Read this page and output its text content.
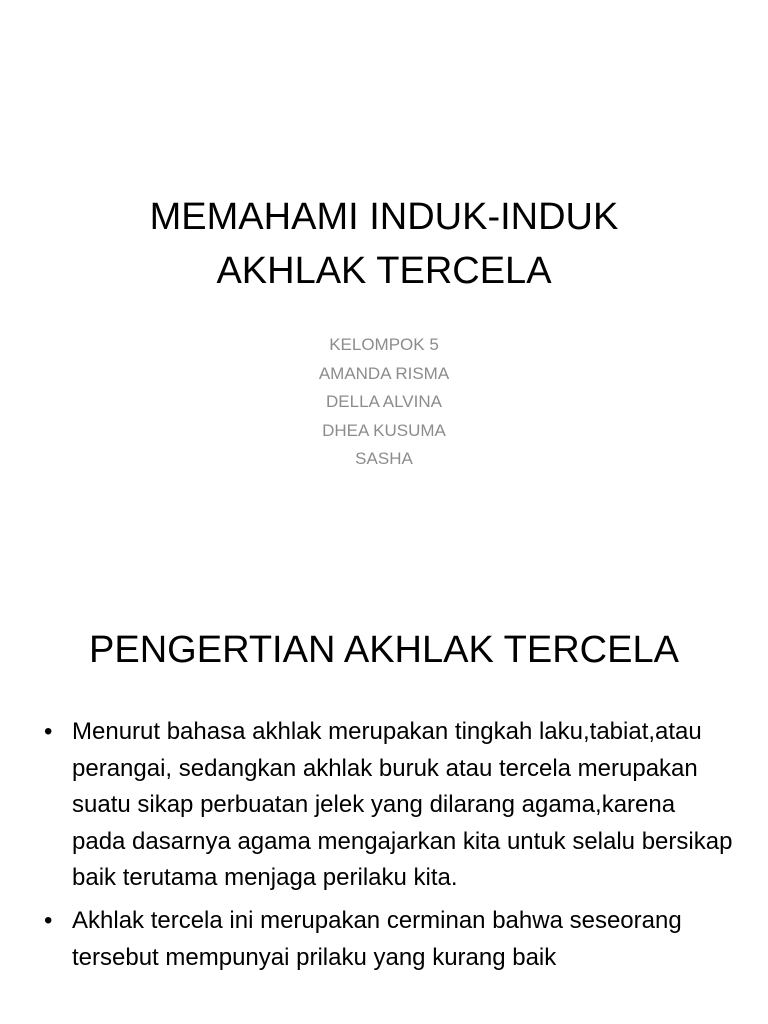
MEMAHAMI INDUK-INDUK
AKHLAK TERCELA
KELOMPOK 5
AMANDA RISMA
DELLA ALVINA
DHEA KUSUMA
SASHA
PENGERTIAN AKHLAK TERCELA
• Menurut bahasa akhlak merupakan tingkah laku,tabiat,atau perangai, sedangkan akhlak buruk atau tercela merupakan suatu sikap perbuatan jelek yang dilarang agama,karena pada dasarnya agama mengajarkan kita untuk selalu bersikap baik terutama menjaga perilaku kita.
• Akhlak tercela ini merupakan cerminan bahwa seseorang tersebut mempunyai prilaku yang kurang baik
